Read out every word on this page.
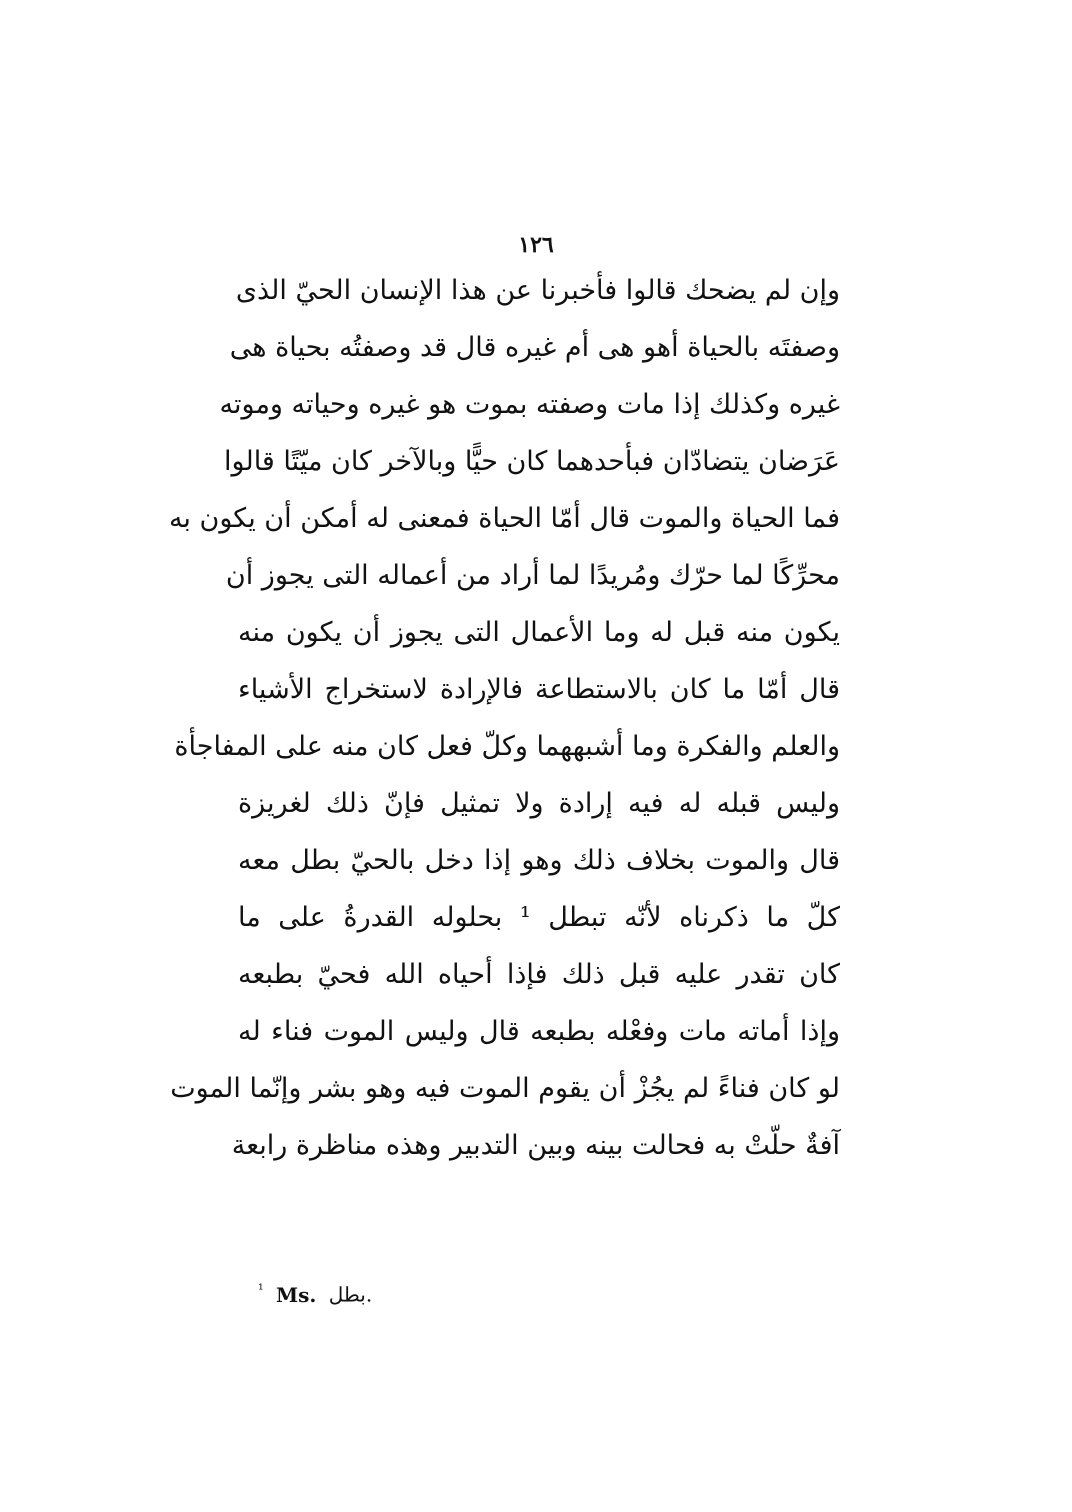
١٢٦
وإن لم يضحك قالوا فأخبرنا عن هذا الإنسان الحيّ الذى
وصفتَه بالحياة أهو هى أم غيره قال قد وصفتُه بحياة هى
غيره وكذلك إذا مات وصفته بموت هو غيره وحياته وموته
عَرَضان يتضادّان فبأحدهما كان حيًّا وبالآخر كان ميّتًا قالوا
فما الحياة والموت قال أمّا الحياة فمعنى له أمكن أن يكون به
محرِّكًا لما حرّك ومُريدًا لما أراد من أعماله التى يجوز أن
يكون منه قبل له وما الأعمال التى يجوز أن يكون منه
قال أمّا ما كان بالاستطاعة فالإرادة لاستخراج الأشياء
والعلم والفكرة وما أشبههما وكلّ فعل كان منه على المفاجأة
وليس قبله له فيه إرادة ولا تمثيل فإنّ ذلك لغريزة
قال والموت بخلاف ذلك وهو إذا دخل بالحيّ بطل معه
كلّ ما ذكرناه لأنّه تبطل ¹ بحلوله القدرةُ على ما
كان تقدر عليه قبل ذلك فإذا أحياه الله فحيّ بطبعه
وإذا أماته مات وفعْله بطبعه قال وليس الموت فناء له
لو كان فناءً لم يجُزْ أن يقوم الموت فيه وهو بشر وإنّما الموت
آفةٌ حلّتْ به فحالت بينه وبين التدبير وهذه مناظرة رابعة
$^{^1}$ Ms. بطل.
